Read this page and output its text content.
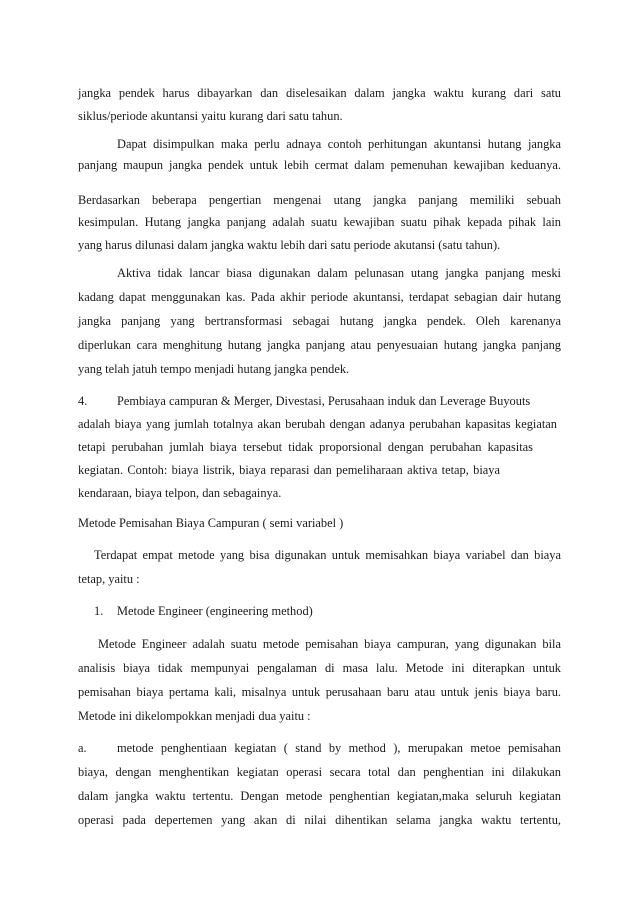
jangka pendek harus dibayarkan dan diselesaikan dalam jangka waktu kurang dari satu
siklus/periode akuntansi yaitu kurang dari satu tahun.
Dapat disimpulkan maka perlu adnaya contoh perhitungan akuntansi hutang jangka
panjang maupun jangka pendek untuk lebih cermat dalam pemenuhan kewajiban keduanya.
Berdasarkan beberapa pengertian mengenai utang jangka panjang memiliki sebuah
kesimpulan. Hutang jangka panjang adalah suatu kewajiban suatu pihak kepada pihak lain
yang harus dilunasi dalam jangka waktu lebih dari satu periode akutansi (satu tahun).
Aktiva tidak lancar biasa digunakan dalam pelunasan utang jangka panjang meski
kadang dapat menggunakan kas. Pada akhir periode akuntansi, terdapat sebagian dair hutang
jangka panjang yang bertransformasi sebagai hutang jangka pendek. Oleh karenanya
diperlukan cara menghitung hutang jangka panjang atau penyesuaian hutang jangka panjang
yang telah jatuh tempo menjadi hutang jangka pendek.
4. Pembiaya campuran & Merger, Divestasi, Perusahaan induk dan Leverage Buyouts
adalah biaya yang jumlah totalnya akan berubah dengan adanya perubahan kapasitas kegiatan
tetapi perubahan jumlah biaya tersebut tidak proporsional dengan perubahan kapasitas
kegiatan. Contoh: biaya listrik, biaya reparasi dan pemeliharaan aktiva tetap, biaya
kendaraan, biaya telpon, dan sebagainya.
Metode Pemisahan Biaya Campuran ( semi variabel )
Terdapat empat metode yang bisa digunakan untuk memisahkan biaya variabel dan biaya
tetap, yaitu :
1. Metode Engineer (engineering method)
Metode Engineer adalah suatu metode pemisahan biaya campuran, yang digunakan bila
analisis biaya tidak mempunyai pengalaman di masa lalu. Metode ini diterapkan untuk
pemisahan biaya pertama kali, misalnya untuk perusahaan baru atau untuk jenis biaya baru.
Metode ini dikelompokkan menjadi dua yaitu :
a. metode penghentiaan kegiatan ( stand by method ), merupakan metoe pemisahan
biaya, dengan menghentikan kegiatan operasi secara total dan penghentian ini dilakukan
dalam jangka waktu tertentu. Dengan metode penghentian kegiatan,maka seluruh kegiatan
operasi pada depertemen yang akan di nilai dihentikan selama jangka waktu tertentu,
